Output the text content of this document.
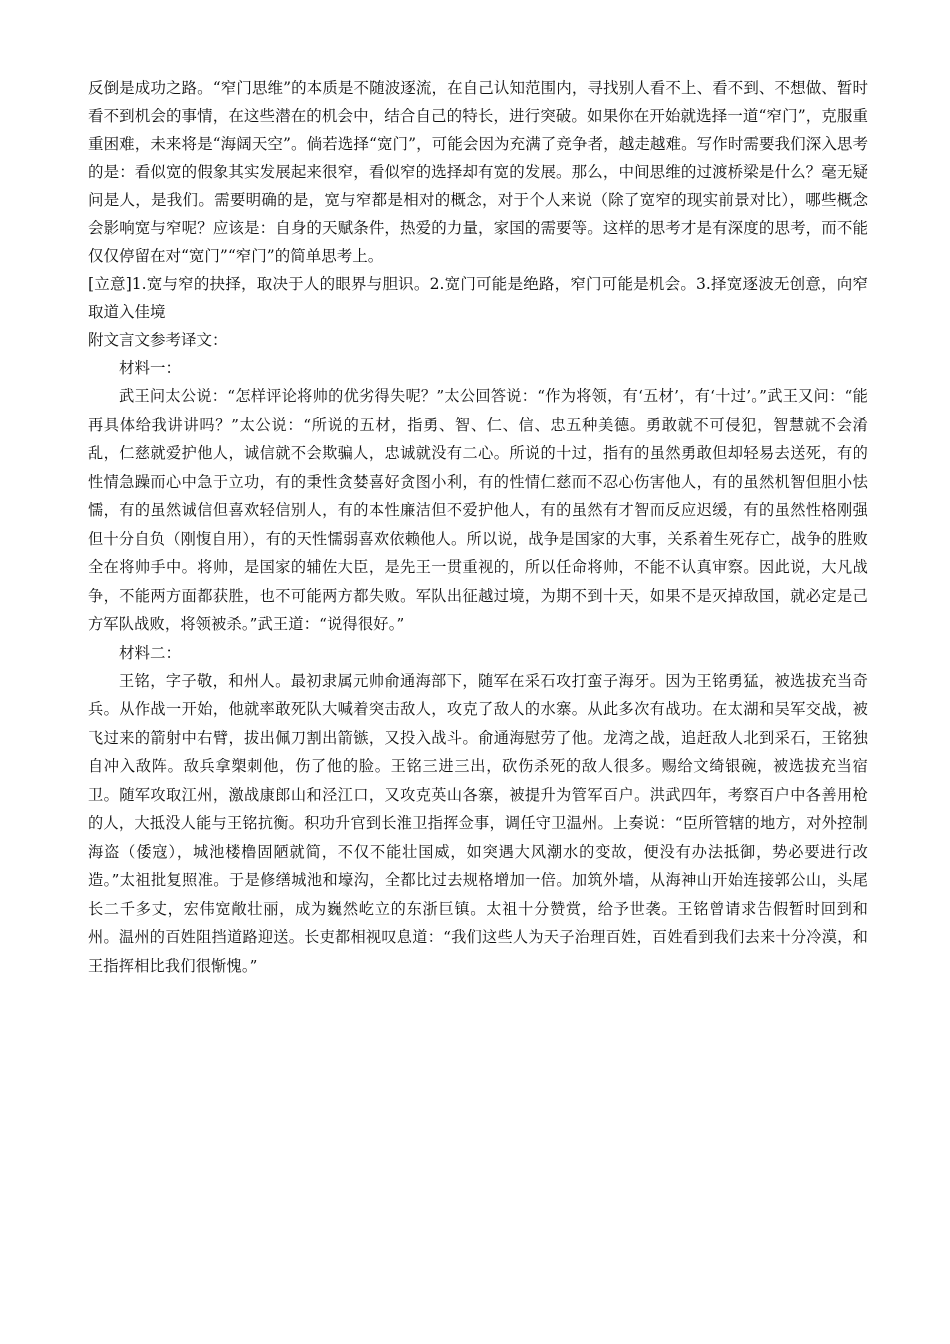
反倒是成功之路。“窄门思维”的本质是不随波逐流，在自己认知范围内，寻找别人看不上、看不到、不想做、暂时看不到机会的事情，在这些潜在的机会中，结合自己的特长，进行突破。如果你在开始就选择一道“窄门”，克服重重困难，未来将是“海阔天空”。倘若选择“宽门”，可能会因为充满了竞争者，越走越难。写作时需要我们深入思考的是：看似宽的假象其实发展起来很窄，看似窄的选择却有宽的发展。那么，中间思维的过渡桥梁是什么？毫无疑问是人，是我们。需要明确的是，宽与窄都是相对的概念，对于个人来说（除了宽窄的现实前景对比），哪些概念会影响宽与窄呢？应该是：自身的天赋条件，热爱的力量，家国的需要等。这样的思考才是有深度的思考，而不能仅仅停留在对“宽门”“窄门”的简单思考上。

[立意]1.宽与窄的抉择，取决于人的眼界与胆识。2.宽门可能是绝路，窄门可能是机会。3.择宽逐波无创意，向窄取道入佳境

附文言文参考译文：

材料一：

武王问太公说：“怎样评论将帅的优劣得失呢？”太公回答说：“作为将领，有‘五材’，有‘十过’。”武王又问：“能再具体给我讲讲吗？”太公说：“所说的五材，指勇、智、仁、信、忠五种美德。勇敢就不可侵犯，智慧就不会淆乱，仁慈就爱护他人，诚信就不会欺骗人，忠诚就没有二心。所说的十过，指有的虽然勇敢但却轻易去送死，有的性情急躁而心中急于立功，有的秉性贪婪喜好贪图小利，有的性情仁慈而不忍心伤害他人，有的虽然机智但胆小怯懦，有的虽然诚信但喜欢轻信别人，有的本性廉洁但不爱护他人，有的虽然有才智而反应迟缓，有的虽然性格刚强但十分自负（刚愎自用），有的天性懦弱喜欢依赖他人。所以说，战争是国家的大事，关系着生死存亡，战争的胜败全在将帅手中。将帅，是国家的辅佐大臣，是先王一贯重视的，所以任命将帅，不能不认真审察。因此说，大凡战争，不能两方面都获胜，也不可能两方都失败。军队出征越过境，为期不到十天，如果不是灭掉敌国，就必定是己方军队战败，将领被杀。”武王道：“说得很好。”

材料二：

王铭，字子敬，和州人。最初隶属元帅俞通海部下，随军在采石攻打蛮子海牙。因为王铭勇猛，被选拔充当奇兵。从作战一开始，他就率敢死队大喊着突击敌人，攻克了敌人的水寨。从此多次有战功。在太湖和吴军交战，被飞过来的箭射中右臂，拔出佩刀割出箭镞，又投入战斗。俞通海慰劳了他。龙湾之战，追赶敌人北到采石，王铭独自冲入敌阵。敌兵拿槊刺他，伤了他的脸。王铭三进三出，砍伤杀死的敌人很多。赐给文绮银碗，被选拔充当宿卫。随军攻取江州，激战康郎山和泾江口，又攻克英山各寨，被提升为管军百户。洪武四年，考察百户中各善用枪的人，大抵没人能与王铭抗衡。积功升官到长淮卫指挥佥事，调任守卫温州。上奏说：“臣所管辖的地方，对外控制海盗（倭寇），城池楼橹固陋就简，不仅不能壮国威，如突遇大风潮水的变故，便没有办法抵御，势必要进行改造。”太祖批复照准。于是修缮城池和壕沟，全都比过去规格增加一倍。加筑外墙，从海神山开始连接郭公山，头尾长二千多丈，宏伟宽敞壮丽，成为巍然屹立的东浙巨镇。太祖十分赞赏，给予世袭。王铭曾请求告假暂时回到和州。温州的百姓阻挡道路迎送。长吏都相视叹息道：“我们这些人为天子治理百姓，百姓看到我们去来十分冷漠，和王指挥相比我们很惭愧。”
